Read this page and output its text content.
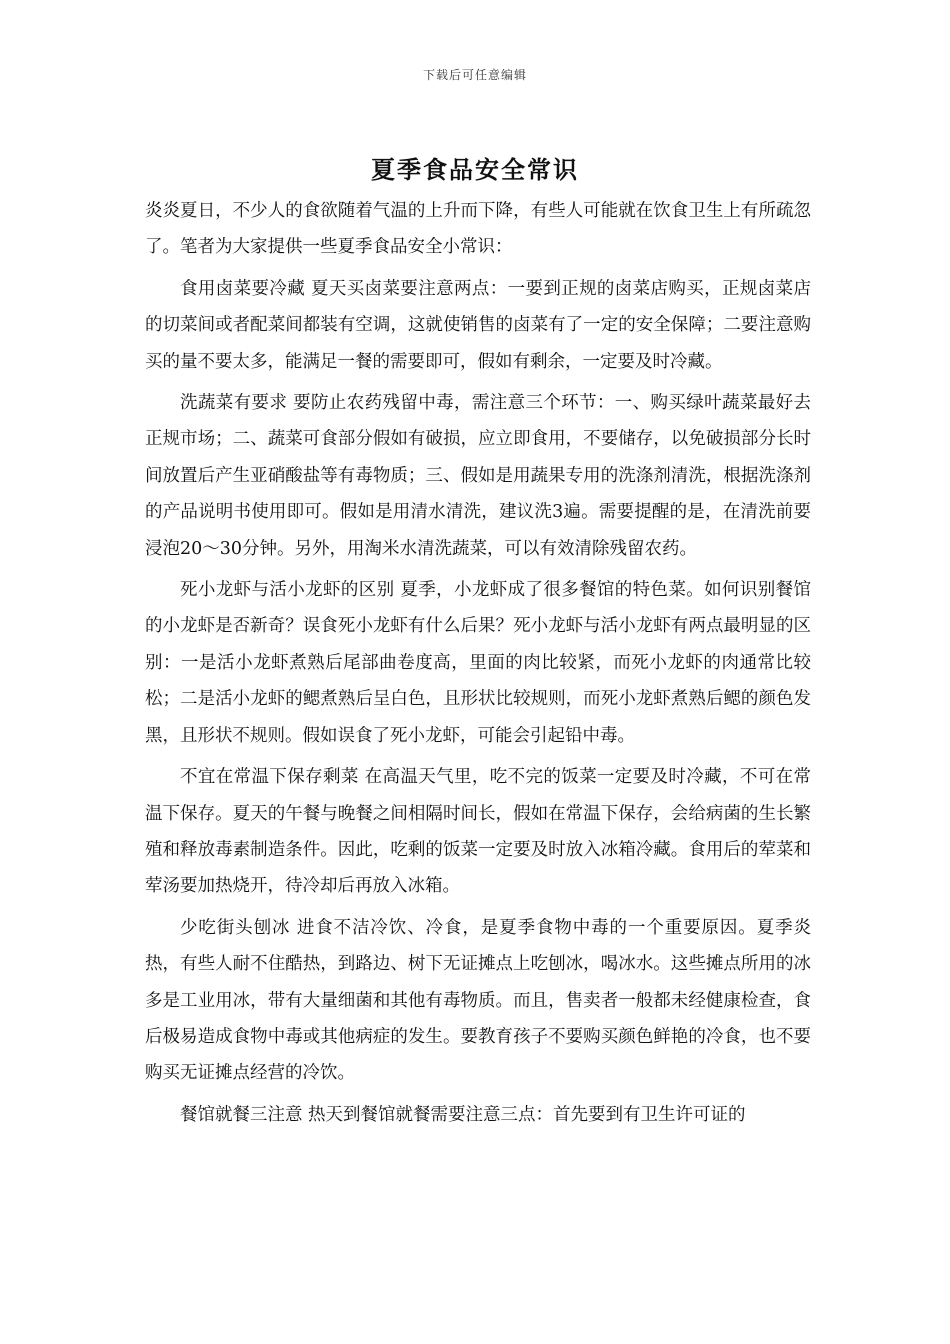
下载后可任意编辑
夏季食品安全常识

炎炎夏日，不少人的食欲随着气温的上升而下降，有些人可能就在饮食卫生上有所疏忽了。笔者为大家提供一些夏季食品安全小常识：

食用卤菜要冷藏 夏天买卤菜要注意两点：一要到正规的卤菜店购买，正规卤菜店的切菜间或者配菜间都装有空调，这就使销售的卤菜有了一定的安全保障；二要注意购买的量不要太多，能满足一餐的需要即可，假如有剩余，一定要及时冷藏。

洗蔬菜有要求 要防止农药残留中毒，需注意三个环节：一、购买绿叶蔬菜最好去正规市场；二、蔬菜可食部分假如有破损，应立即食用，不要储存，以免破损部分长时间放置后产生亚硝酸盐等有毒物质；三、假如是用蔬果专用的洗涤剂清洗，根据洗涤剂的产品说明书使用即可。假如是用清水清洗，建议洗3遍。需要提醒的是，在清洗前要浸泡20～30分钟。另外，用淘米水清洗蔬菜，可以有效清除残留农药。

死小龙虾与活小龙虾的区别 夏季，小龙虾成了很多餐馆的特色菜。如何识别餐馆的小龙虾是否新奇？误食死小龙虾有什么后果？死小龙虾与活小龙虾有两点最明显的区别：一是活小龙虾煮熟后尾部曲卷度高，里面的肉比较紧，而死小龙虾的肉通常比较松；二是活小龙虾的鳃煮熟后呈白色，且形状比较规则，而死小龙虾煮熟后鳃的颜色发黑，且形状不规则。假如误食了死小龙虾，可能会引起铅中毒。

不宜在常温下保存剩菜 在高温天气里，吃不完的饭菜一定要及时冷藏，不可在常温下保存。夏天的午餐与晚餐之间相隔时间长，假如在常温下保存，会给病菌的生长繁殖和释放毒素制造条件。因此，吃剩的饭菜一定要及时放入冰箱冷藏。食用后的荤菜和荤汤要加热烧开，待冷却后再放入冰箱。

少吃街头刨冰 进食不洁冷饮、冷食，是夏季食物中毒的一个重要原因。夏季炎热，有些人耐不住酷热，到路边、树下无证摊点上吃刨冰，喝冰水。这些摊点所用的冰多是工业用冰，带有大量细菌和其他有毒物质。而且，售卖者一般都未经健康检查，食后极易造成食物中毒或其他病症的发生。要教育孩子不要购买颜色鲜艳的冷食，也不要购买无证摊点经营的冷饮。

餐馆就餐三注意 热天到餐馆就餐需要注意三点：首先要到有卫生许可证的
